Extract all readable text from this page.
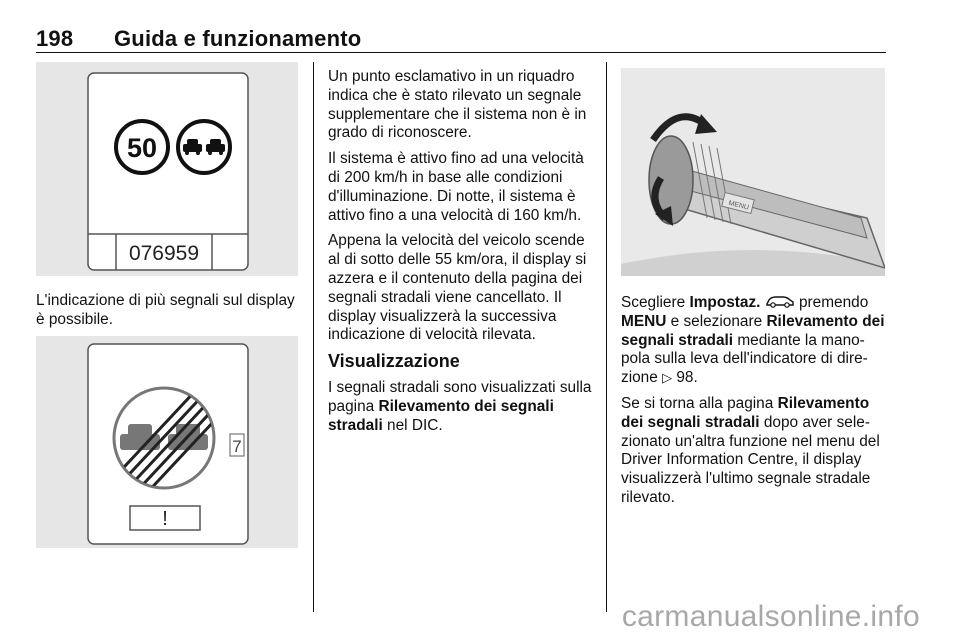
198 Guida e funzionamento
50
076959

L'indicazione di più segnali sul display è possibile.

7
!

Un punto esclamativo in un riquadro indica che è stato rilevato un segnale supplementare che il sistema non è in grado di riconoscere.

Il sistema è attivo fino ad una velocità di 200 km/h in base alle condizioni d'illuminazione. Di notte, il sistema è attivo fino a una velocità di 160 km/h.

Appena la velocità del veicolo scende al di sotto delle 55 km/ora, il display si azzera e il contenuto della pagina dei segnali stradali viene cancellato. Il display visualizzerà la successiva indicazione di velocità rilevata.

Visualizzazione

I segnali stradali sono visualizzati sulla pagina Rilevamento dei segnali stradali nel DIC.

MENU

Scegliere Impostaz.  premendo MENU e selezionare Rilevamento dei segnali stradali mediante la mano-pola sulla leva dell'indicatore di dire-zione ▷ 98.

Se si torna alla pagina Rilevamento dei segnali stradali dopo aver sele-zionato un'altra funzione nel menu del Driver Information Centre, il display visualizzerà l'ultimo segnale stradale rilevato.

carmanualsonline.info
